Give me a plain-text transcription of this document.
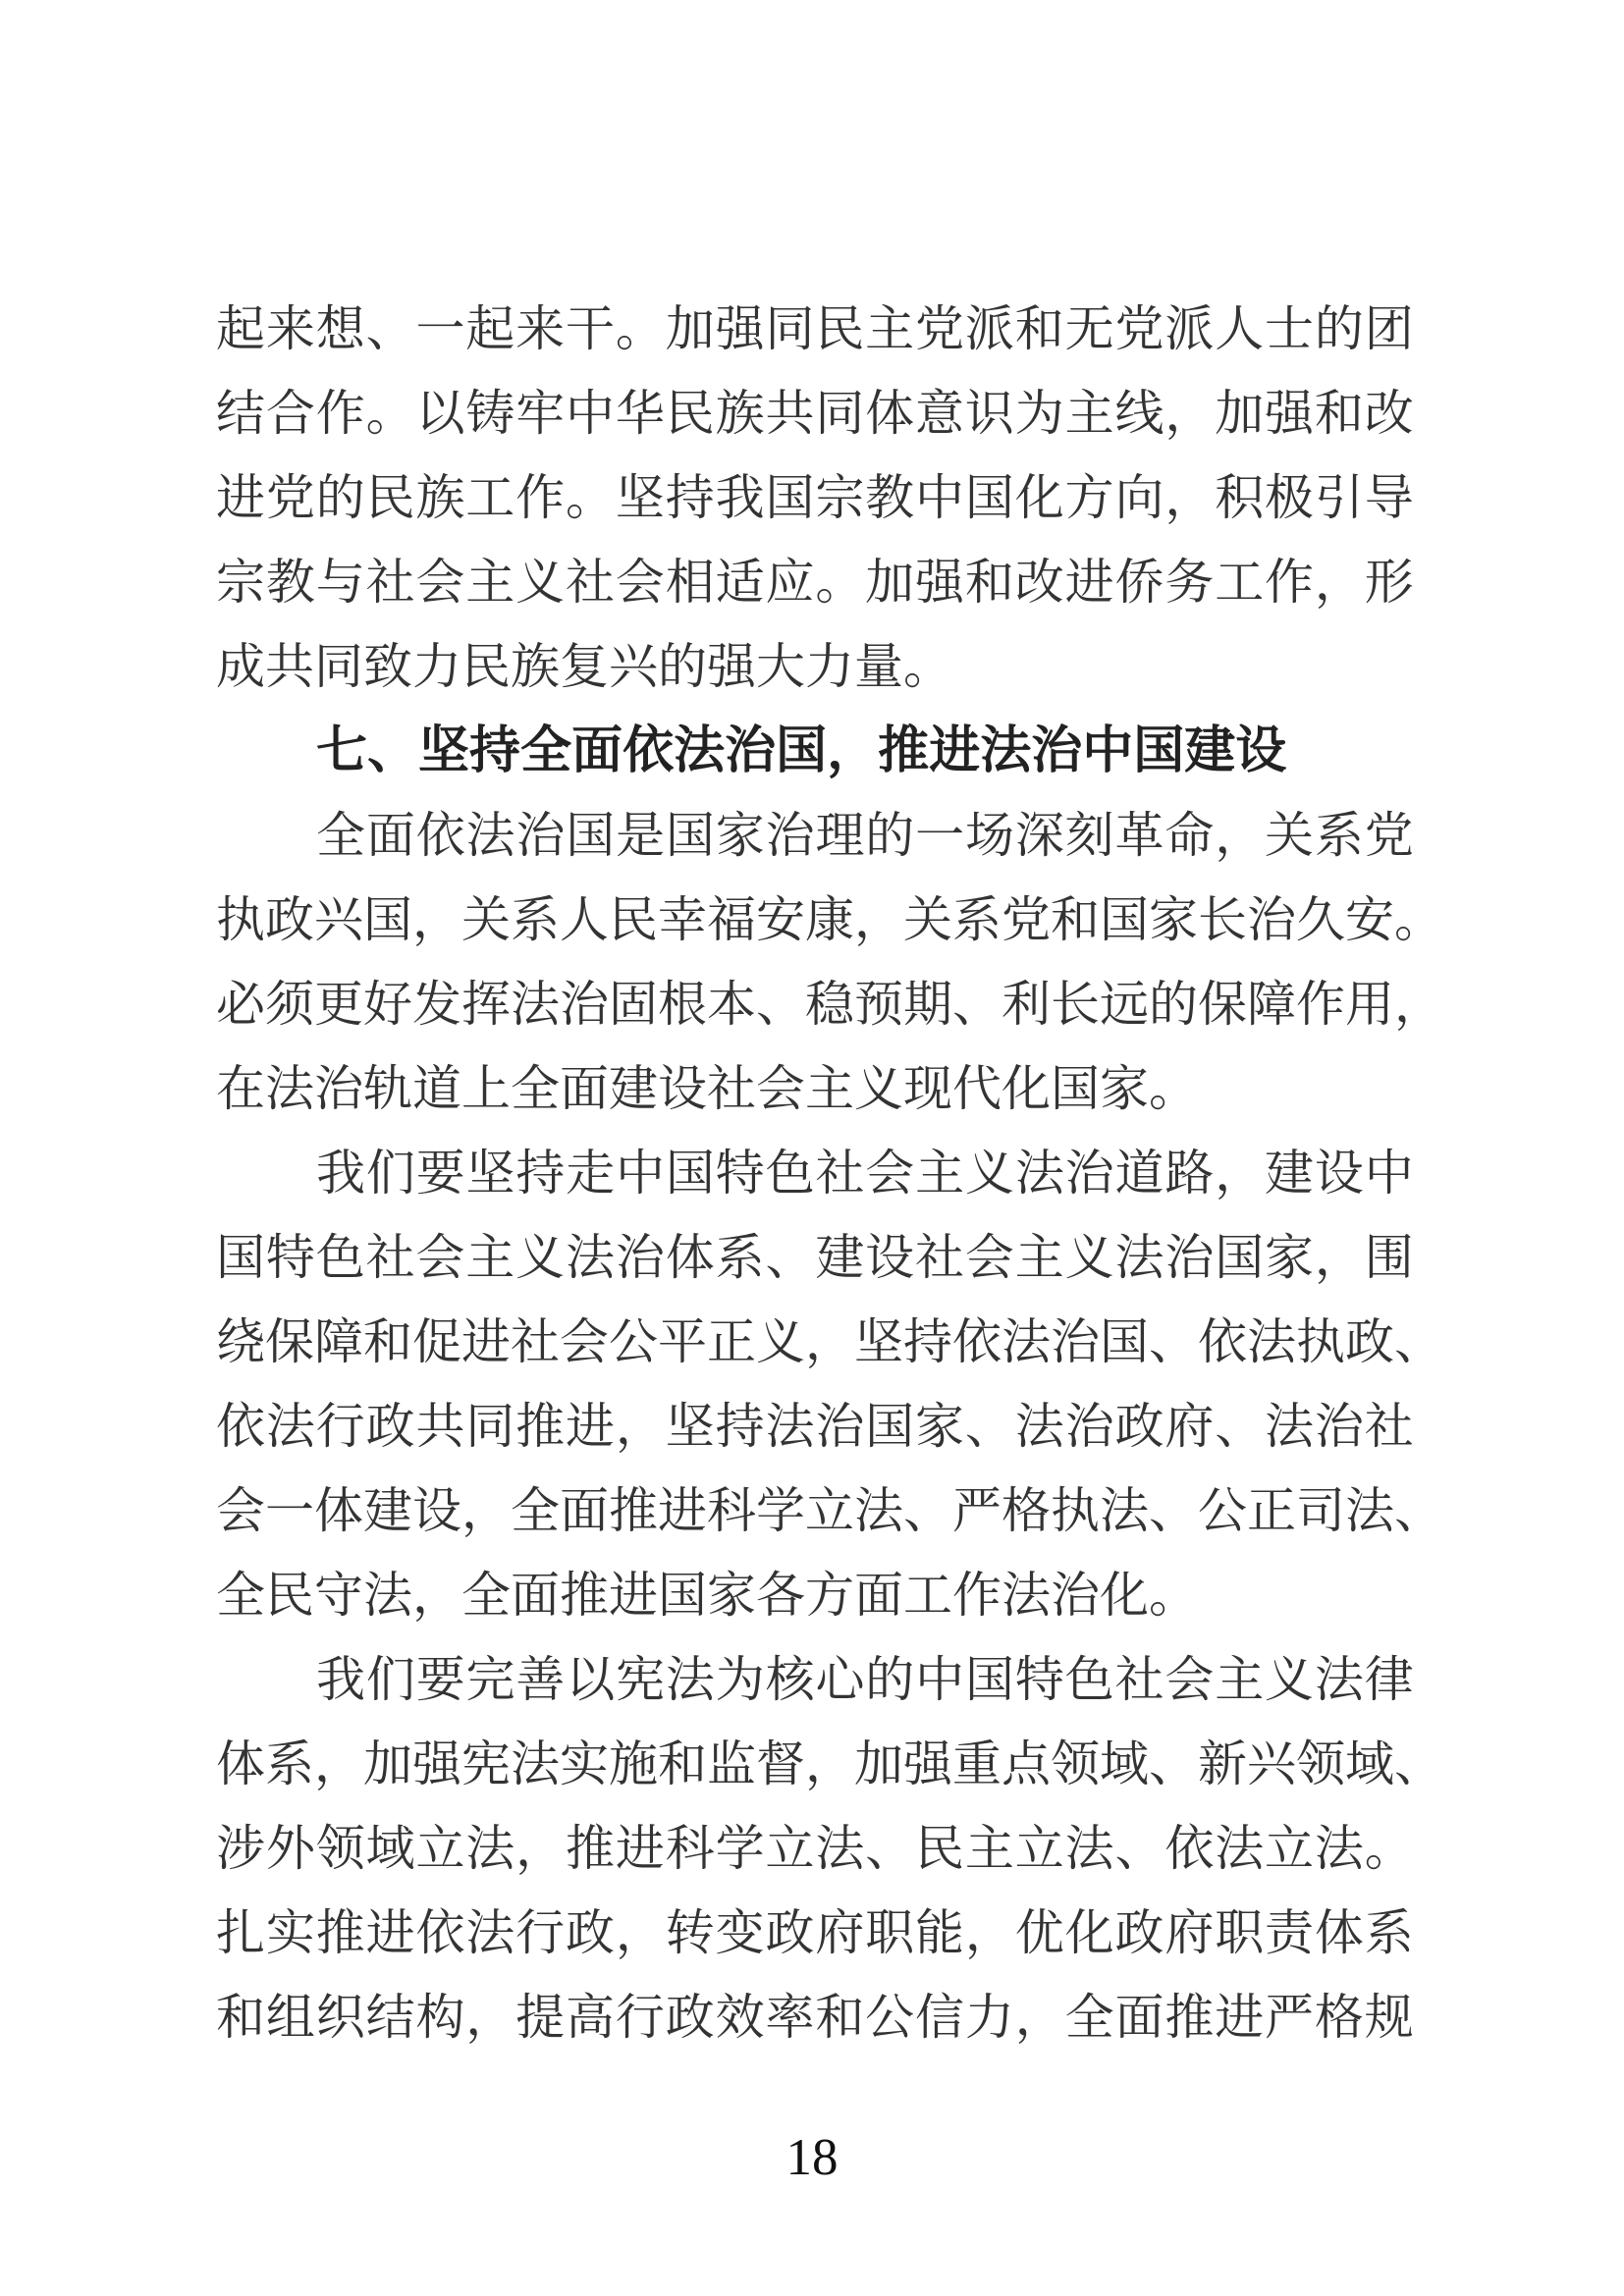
起 来 想 、 一 起 来 干 。 加 强 同 民 主 党 派 和 无 党 派 人 士 的 团
结 合 作 。 以 铸 牢 中 华 民 族 共 同 体 意 识 为 主 线 ， 加 强 和 改
进 党 的 民 族 工 作 。 坚 持 我 国 宗 教 中 国 化 方 向 ， 积 极 引 导
宗 教 与 社 会 主 义 社 会 相 适 应 。 加 强 和 改 进 侨 务 工 作 ， 形
成 共 同 致 力 民 族 复 兴 的 强 大 力 量 。
七 、 坚 持 全 面 依 法 治 国 ， 推 进 法 治 中 国 建 设
全 面 依 法 治 国 是 国 家 治 理 的 一 场 深 刻 革 命 ， 关 系 党
执 政 兴 国 ， 关 系 人 民 幸 福 安 康 ， 关 系 党 和 国 家 长 治 久 安 。
必 须 更 好 发 挥 法 治 固 根 本 、 稳 预 期 、 利 长 远 的 保 障 作 用 ，
在 法 治 轨 道 上 全 面 建 设 社 会 主 义 现 代 化 国 家 。
我 们 要 坚 持 走 中 国 特 色 社 会 主 义 法 治 道 路 ， 建 设 中
国 特 色 社 会 主 义 法 治 体 系 、 建 设 社 会 主 义 法 治 国 家 ， 围
绕 保 障 和 促 进 社 会 公 平 正 义 ， 坚 持 依 法 治 国 、 依 法 执 政 、
依 法 行 政 共 同 推 进 ， 坚 持 法 治 国 家 、 法 治 政 府 、 法 治 社
会 一 体 建 设 ， 全 面 推 进 科 学 立 法 、 严 格 执 法 、 公 正 司 法 、
全 民 守 法 ， 全 面 推 进 国 家 各 方 面 工 作 法 治 化 。
我 们 要 完 善 以 宪 法 为 核 心 的 中 国 特 色 社 会 主 义 法 律
体 系 ， 加 强 宪 法 实 施 和 监 督 ， 加 强 重 点 领 域 、 新 兴 领 域 、
涉 外 领 域 立 法 ， 推 进 科 学 立 法 、 民 主 立 法 、 依 法 立 法 。
扎 实 推 进 依 法 行 政 ， 转 变 政 府 职 能 ， 优 化 政 府 职 责 体 系
和 组 织 结 构 ， 提 高 行 政 效 率 和 公 信 力 ， 全 面 推 进 严 格 规
18
